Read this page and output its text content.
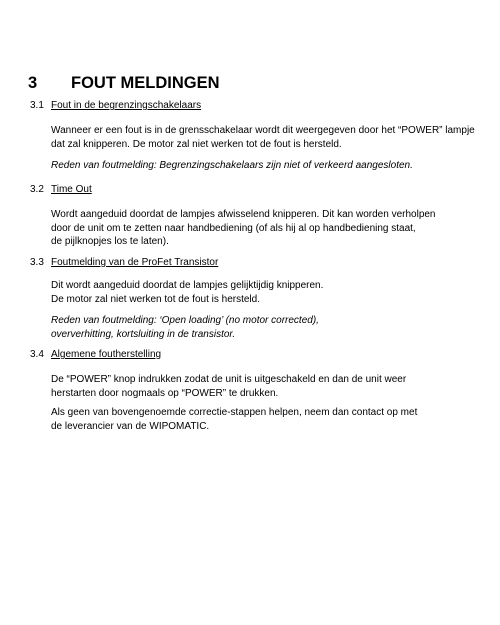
3 FOUT MELDINGEN
3.1 Fout in de begrenzingschakelaars
Wanneer er een fout is in de grensschakelaar wordt dit weergegeven door het “POWER” lampje
dat zal knipperen. De motor zal niet werken tot de fout is hersteld.
Reden van foutmelding: Begrenzingschakelaars zijn niet of verkeerd aangesloten.
3.2 Time Out
Wordt aangeduid doordat de lampjes afwisselend knipperen. Dit kan worden verholpen
door de unit om te zetten naar handbediening (of als hij al op handbediening staat,
de pijlknopjes los te laten).
3.3 Foutmelding van de ProFet Transistor
Dit wordt aangeduid doordat de lampjes gelijktijdig knipperen.
De motor zal niet werken tot de fout is hersteld.
Reden van foutmelding: ‘Open loading’ (no motor corrected),
oververhitting, kortsluiting in de transistor.
3.4 Algemene foutherstelling
De “POWER” knop indrukken zodat de unit is uitgeschakeld en dan de unit weer
herstarten door nogmaals op “POWER” te drukken.
Als geen van bovengenoemde correctie-stappen helpen, neem dan contact op met
de leverancier van de WIPOMATIC.
